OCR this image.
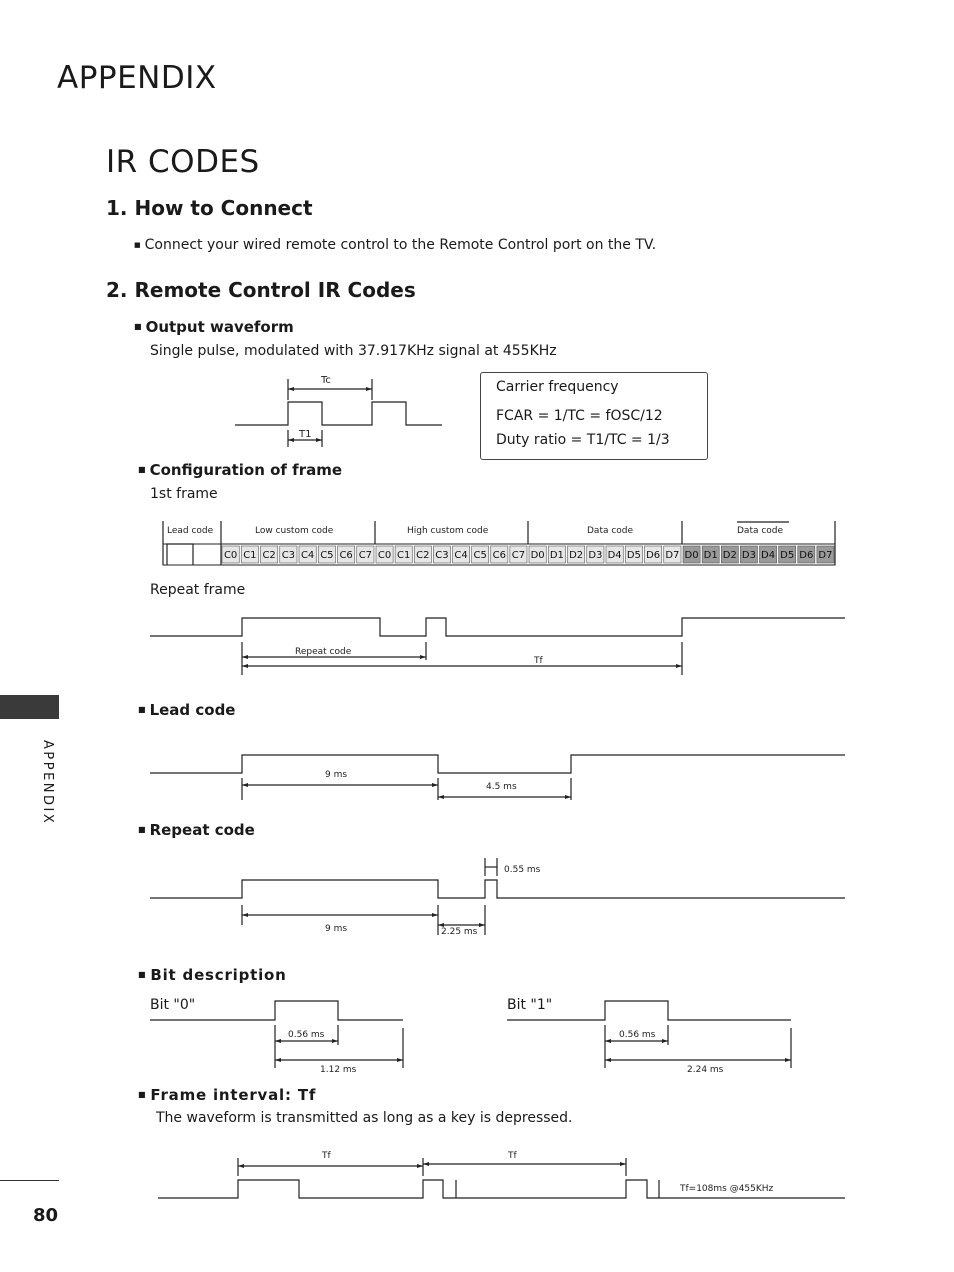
APPENDIX
IR CODES
1. How to Connect
■ Connect your wired remote control to the Remote Control port on the TV.
2. Remote Control IR Codes
■ Output waveform
Single pulse, modulated with 37.917KHz signal at 455KHz
C0 C1 C2 C3 C4 C5 C6 C7 C0 C1 C2 C3 C4 C5 C6 C7 D0 D1 D2 D3 D4 D5 D6 D7 D0 D1 D2 D3 D4 D5 D6 D7
Tc
T1
Lead code	Low custom code	High custom code	Data code	Data code
Repeat code
Tf
9 ms
4.5 ms
0.55 ms
9 ms	2.25 ms
0.56 ms
1.12 ms
0.56 ms
2.24 ms
Tf	Tf
Tf=108ms @455KHz
Carrier frequency
FCAR = 1/TC = fOSC/12
Duty ratio = T1/TC = 1/3
■ Configuration of frame
1st frame
Repeat frame
■ Lead code
■ Repeat code
■ Bit description
Bit "0"	Bit "1"
■ Frame interval: Tf
The waveform is transmitted as long as a key is depressed.
APPENDIX
80
